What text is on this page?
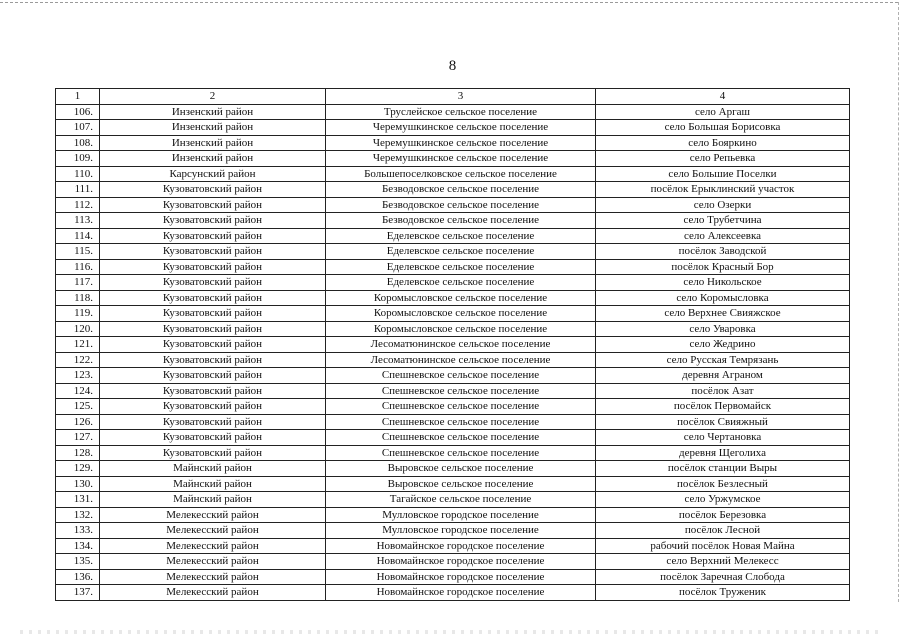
8
1	2	3	4
106.	Инзенский район	Труслейское сельское поселение	село Аргаш
107.	Инзенский район	Черемушкинское сельское поселение	село Большая Борисовка
108.	Инзенский район	Черемушкинское сельское поселение	село Бояркино
109.	Инзенский район	Черемушкинское сельское поселение	село Репьевка
110.	Карсунский район	Большепоселковское сельское поселение	село Большие Поселки
111.	Кузоватовский район	Безводовское сельское поселение	посёлок Ерыклинский участок
112.	Кузоватовский район	Безводовское сельское поселение	село Озерки
113.	Кузоватовский район	Безводовское сельское поселение	село Трубетчина
114.	Кузоватовский район	Еделевское сельское поселение	село Алексеевка
115.	Кузоватовский район	Еделевское сельское поселение	посёлок Заводской
116.	Кузоватовский район	Еделевское сельское поселение	посёлок Красный Бор
117.	Кузоватовский район	Еделевское сельское поселение	село Никольское
118.	Кузоватовский район	Коромысловское сельское поселение	село Коромысловка
119.	Кузоватовский район	Коромысловское сельское поселение	село Верхнее Свияжское
120.	Кузоватовский район	Коромысловское сельское поселение	село Уваровка
121.	Кузоватовский район	Лесоматюнинское сельское поселение	село Жедрино
122.	Кузоватовский район	Лесоматюнинское сельское поселение	село Русская Темрязань
123.	Кузоватовский район	Спешневское сельское поселение	деревня Аграном
124.	Кузоватовский район	Спешневское сельское поселение	посёлок Азат
125.	Кузоватовский район	Спешневское сельское поселение	посёлок Первомайск
126.	Кузоватовский район	Спешневское сельское поселение	посёлок Свияжный
127.	Кузоватовский район	Спешневское сельское поселение	село Чертановка
128.	Кузоватовский район	Спешневское сельское поселение	деревня Щеголиха
129.	Майнский район	Выровское сельское поселение	посёлок станции Выры
130.	Майнский район	Выровское сельское поселение	посёлок Безлесный
131.	Майнский район	Тагайское сельское поселение	село Уржумское
132.	Мелекесский район	Мулловское городское поселение	посёлок Березовка
133.	Мелекесский район	Мулловское городское поселение	посёлок Лесной
134.	Мелекесский район	Новомайнское городское поселение	рабочий посёлок Новая Майна
135.	Мелекесский район	Новомайнское городское поселение	село Верхний Мелекесс
136.	Мелекесский район	Новомайнское городское поселение	посёлок Заречная Слобода
137.	Мелекесский район	Новомайнское городское поселение	посёлок Труженик
